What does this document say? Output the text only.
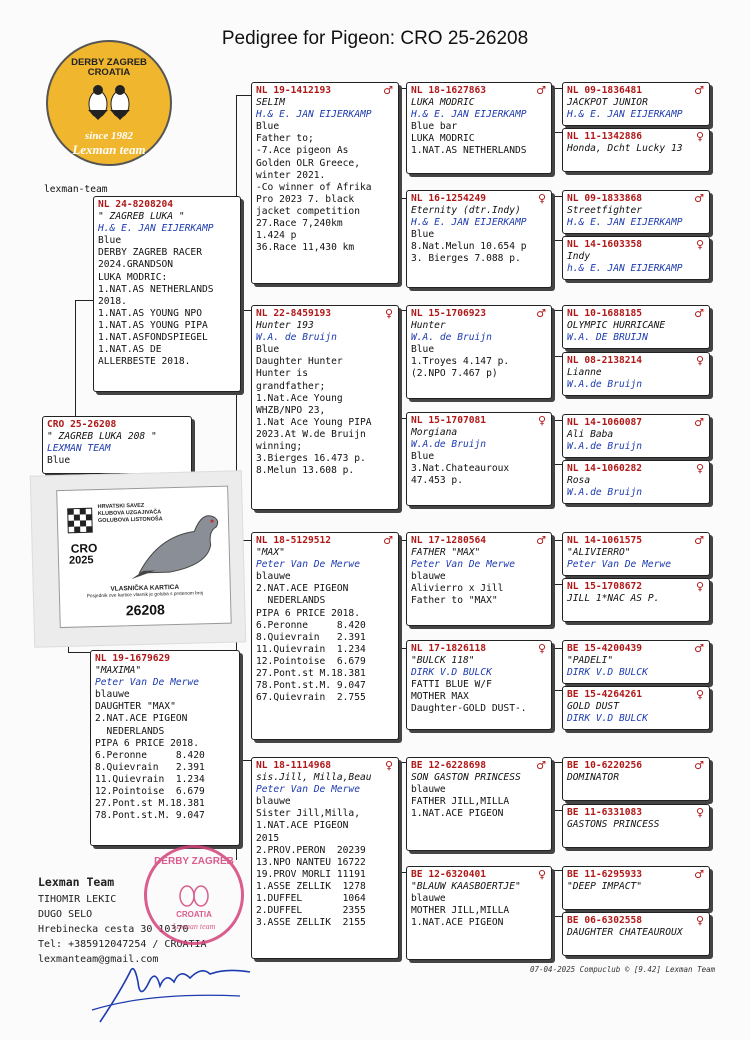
Pedigree for Pigeon: CRO 25-26208
DERBY ZAGREB
CROATIA
since 1982
Lexman team
lexman-team
CRO 25-26208
" ZAGREB LUKA 208 "
LEXMAN TEAM
Blue
NL 24-8208204
" ZAGREB LUKA "
H.& E. JAN EIJERKAMP
Blue
DERBY ZAGREB RACER
2024.GRANDSON
LUKA MODRIC:
1.NAT.AS NETHERLANDS
2018.
1.NAT.AS YOUNG NPO
1.NAT.AS YOUNG PIPA
1.NAT.ASFONDSPIEGEL
1.NAT.AS DE
ALLERBESTE 2018.
NL 19-1679629
"MAXIMA"
Peter Van De Merwe
blauwe
DAUGHTER "MAX"
2.NAT.ACE PIGEON
NEDERLANDS
PIPA 6 PRICE 2018.
6.Peronne     8.420
8.Quievrain   2.391
11.Quievrain  1.234
12.Pointoise  6.679
27.Pont.st M.18.381
78.Pont.st.M. 9.047
NL 19-1412193	♂
SELIM
H.& E. JAN EIJERKAMP
Blue
Father to;
-7.Ace pigeon As
Golden OLR Greece,
winter 2021.
-Co winner of Afrika
Pro 2023 7. black
jacket competition
27.Race 7,240km
1.424 p
36.Race 11,430 km
NL 22-8459193	♀
Hunter 193
W.A. de Bruijn
Blue
Daughter Hunter
Hunter is
grandfather;
1.Nat.Ace Young
WHZB/NPO 23,
1.Nat Ace Young PIPA
2023.At W.de Bruijn
winning;
3.Bierges 16.473 p.
8.Melun 13.608 p.
NL 18-5129512	♂
"MAX"
Peter Van De Merwe
blauwe
2.NAT.ACE PIGEON
NEDERLANDS
PIPA 6 PRICE 2018.
6.Peronne     8.420
8.Quievrain   2.391
11.Quievrain  1.234
12.Pointoise  6.679
27.Pont.st M.18.381
78.Pont.st.M. 9.047
67.Quievrain  2.755
NL 18-1114968	♀
sis.Jill, Milla,Beau
Peter Van De Merwe
blauwe
Sister Jill,Milla,
1.NAT.ACE PIGEON
2015
2.PROV.PERON  20239
13.NPO NANTEU 16722
19.PROV MORLI 11191
1.ASSE ZELLIK  1278
1.DUFFEL       1064
2.DUFFEL       2355
3.ASSE ZELLIK  2155
NL 18-1627863	♂
LUKA MODRIC
H.& E. JAN EIJERKAMP
Blue bar
LUKA MODRIC
1.NAT.AS NETHERLANDS
NL 16-1254249	♀
Eternity (dtr.Indy)
H.& E. JAN EIJERKAMP
Blue
8.Nat.Melun 10.654 p
3. Bierges 7.088 p.
NL 15-1706923	♂
Hunter
W.A. de Bruijn
Blue
1.Troyes 4.147 p.
(2.NPO 7.467 p)
NL 15-1707081	♀
Morgiana
W.A.de Bruijn
Blue
3.Nat.Chateauroux
47.453 p.
NL 17-1280564	♂
FATHER "MAX"
Peter Van De Merwe
blauwe
Alivierro x Jill
Father to "MAX"
NL 17-1826118	♀
"BULCK 118"
DIRK V.D BULCK
FATTI BLUE W/F
MOTHER MAX
Daughter-GOLD DUST-.
BE 12-6228698	♂
SON GASTON PRINCESS
blauwe
FATHER JILL,MILLA
1.NAT.ACE PIGEON
BE 12-6320401	♀
"BLAUW KAASBOERTJE"
blauwe
MOTHER JILL,MILLA
1.NAT.ACE PIGEON
NL 09-1836481	♂
JACKPOT JUNIOR
H.& E. JAN EIJERKAMP
NL 11-1342886	♀
Honda, Dcht Lucky 13
NL 09-1833868	♂
Streetfighter
H.& E. JAN EIJERKAMP
NL 14-1603358	♀
Indy
h.& E. JAN EIJERKAMP
NL 10-1688185	♂
OLYMPIC HURRICANE
W.A. DE BRUIJN
NL 08-2138214	♀
Lianne
W.A.de Bruijn
NL 14-1060087	♂
Ali Baba
W.A.de Bruijn
NL 14-1060282	♀
Rosa
W.A.de Bruijn
NL 14-1061575	♂
"ALIVIERRO"
Peter Van De Merwe
NL 15-1708672	♀
JILL 1*NAC AS P.
BE 15-4200439	♂
"PADELI"
DIRK V.D BULCK
BE 15-4264261	♀
GOLD DUST
DIRK V.D BULCK
BE 10-6220256	♂
DOMINATOR
BE 11-6331083	♀
GASTONS PRINCESS
BE 11-6295933	♂
"DEEP IMPACT"
BE 06-6302558	♀
DAUGHTER CHATEAUROUX
HRVATSKI SAVEZ KLUBOVA UZGAJIVAČA GOLUBOVA LISTONOŠA
CRO
2025
VLASNIČKA KARTICA
Posjednik ove kartice vlasnik je goluba s prstenom broj
26208
Lexman Team
TIHOMIR LEKIC
DUGO SELO
Hrebinecka cesta 30 10370
Tel: +385912047254 / CROATIA
lexmanteam@gmail.com
DERBY ZAGREB
CROATIA
Lexman team
07-04-2025 Compuclub © [9.42] Lexman Team
